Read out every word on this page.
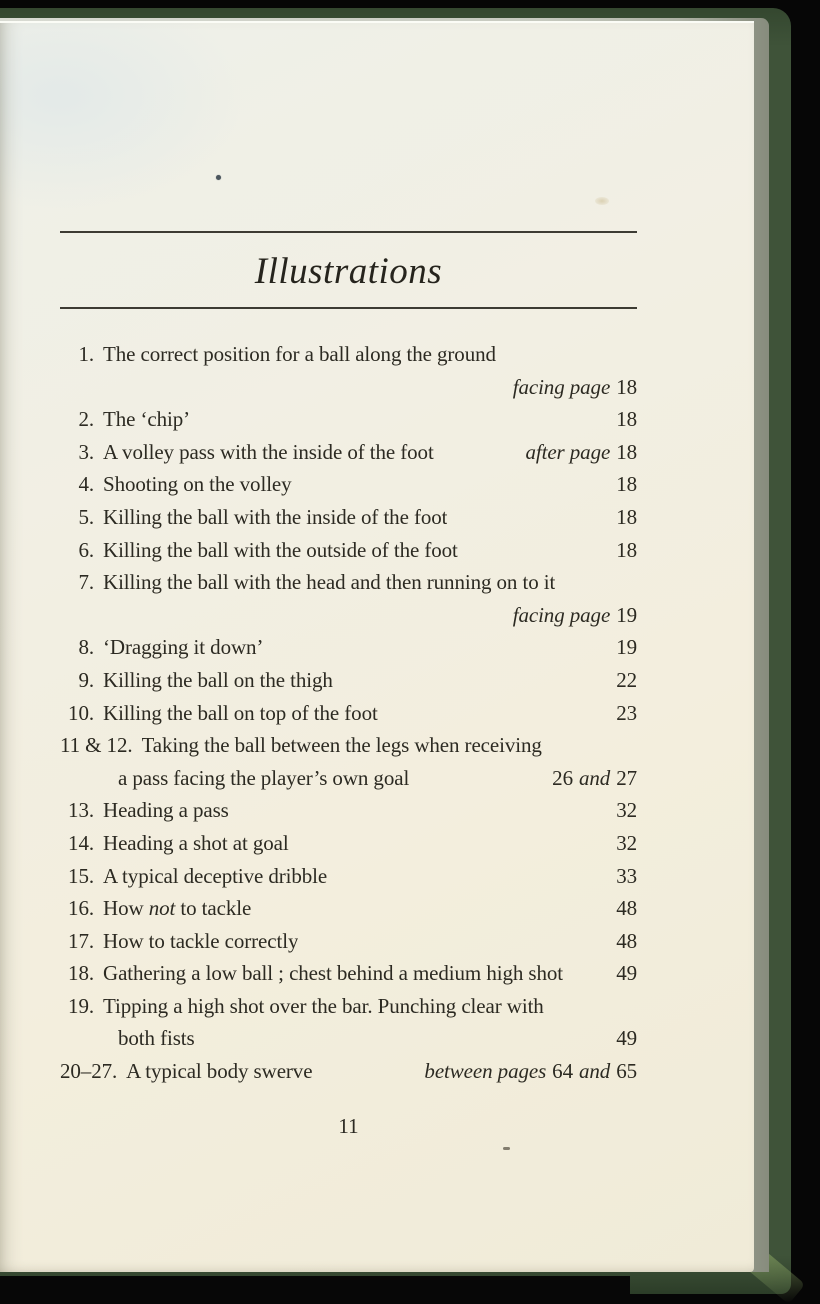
Illustrations
1. The correct position for a ball along the ground
facing page 18
2. The ‘chip’	18
3. A volley pass with the inside of the foot	after page 18
4. Shooting on the volley	18
5. Killing the ball with the inside of the foot	18
6. Killing the ball with the outside of the foot	18
7. Killing the ball with the head and then running on to it
facing page 19
8. ‘Dragging it down’	19
9. Killing the ball on the thigh	22
10. Killing the ball on top of the foot	23
11 & 12. Taking the ball between the legs when receiving
a pass facing the player’s own goal	26 and 27
13. Heading a pass	32
14. Heading a shot at goal	32
15. A typical deceptive dribble	33
16. How not to tackle	48
17. How to tackle correctly	48
18. Gathering a low ball ; chest behind a medium high shot	49
19. Tipping a high shot over the bar. Punching clear with
both fists	49
20–27. A typical body swerve	between pages 64 and 65
11
